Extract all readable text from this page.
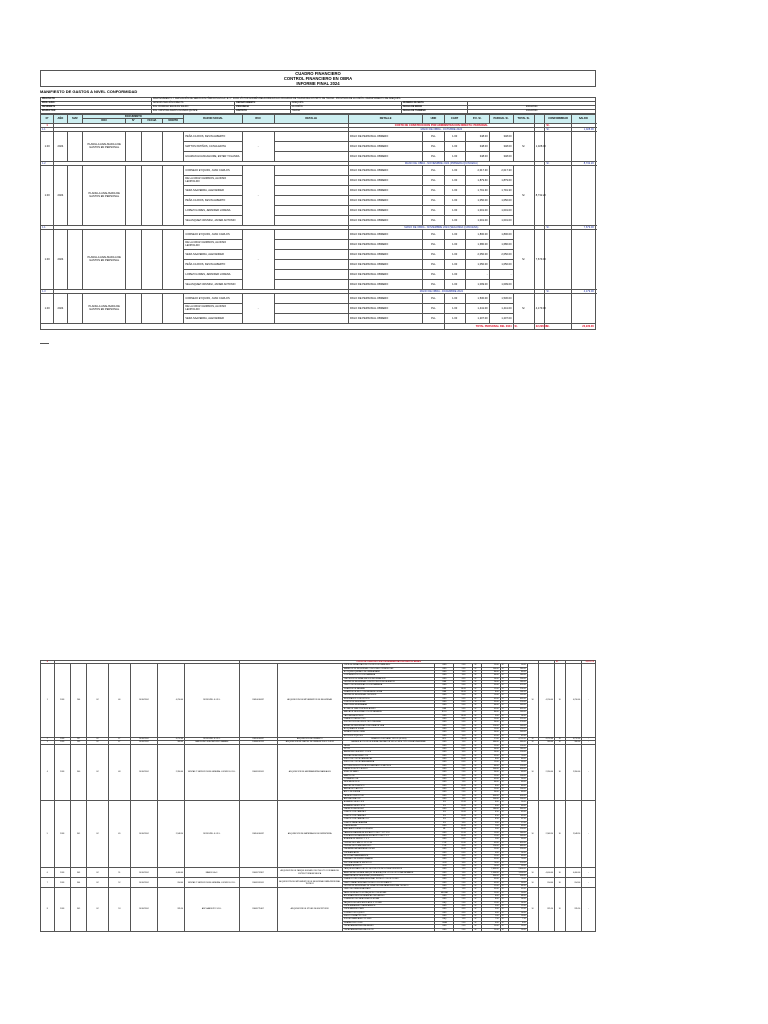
CUADRO FINANCIERO
CONTROL FINANCIERO EN OBRA
INFORME FINAL 2024
MANIFIESTO DE GASTOS A NIVEL CONFORMIDAD
PROYECTO	MANTENIMIENTO Y AMPLIACIÓN DE SERVICIOS HÍDRICOS EN LA I.E. N° 40300 VÍCTOR ANDRÉS BELAUNDE EN LA LOCALIDAD DE TAURIA DEL DISTRITO DE TAURIA - PROVINCIA DE LA UNIÓN - DEPARTAMENTO DE AREQUIPA				
MOD. EJEC.	ADMINISTRACIÓN DIRECTA	DEPARTAMENTO	AREQUIPA	NUMERO DE META	
RESIDENTE	ING. RODRIGO EGUILAS SALDO	PROVINCIA	LA UNIÓN	FECHA DE INICIO	28/10/2024
INSPECTOR	ING. CRISTIAN ALEXIS OLIVERA QUISPE	DISTRITO	TAURIA	FECHA DE TERMINO	10/12/2024
N°	AÑO	SIAF	DOCUMENTO				RAZON SOCIAL	RUC	DETALLE	DETALLE	UND	CANT	P.U. S/.	PARCIAL S/.	TOTAL S/.		CONFORMIDAD	SALDO	
			DOC	N°	FECHA	MONTO													
1										COSTO DE CONSTRUCCION POR ADMINISTRACION DIRECTA: PERSONAL							S/.		
1.1										MANO DE OBRA - OCTUBRE 2024							S/.	1,028.00	
1.00	2024		PLANILLA ANALISADA A DE GASTOS EN PERSONAL				PEÑA CA RIOS, KEVIN ALBERTO	-		PAGO DE PERSONAL OBRERO	PLL	1.00	348.00	348.00	S/.	1,028.00			
							MATTOS PATIÑOS, CATHA EDITH			PAGO DE PERSONAL OBRERO	PLL	1.00	348.00	348.00					
							HUAMAN HUANCAHUIRE, ESTER YOLANDA			PAGO DE PERSONAL OBRERO	PLL	1.00	348.00	348.00					
1.2										MANO DE OBRA - NOVIEMBRE 2024 (PRIMERA QUINCENA)							S/.	8,732.20	
1.00	2024		PLANILLA ANALISADA DE GASTOS EN PERSONAL				CORNEJO EYQUIPA, JUAN CARLOS	-		PAGO DE PERSONAL OBRERO	PLL	1.00	2,017.30	2,017.30	S/.	8,732.20			
							DE LA CRUZ CHIRINOS, ALONSO LEOPOLDO			PAGO DE PERSONAL OBRERO	PLL	1.00	1,879.60	1,879.60					
							VERA SAAVEDRA, ALEXANDER			PAGO DE PERSONAL OBRERO	PLL	1.00	1,791.30	1,791.30					
							PEÑA CA RIOS, KEVIN ALBERTO			PAGO DE PERSONAL OBRERO	PLL	1.00	1,050.00	1,050.00					
							LOPEZ FLORES, JENNIFER LORENA			PAGO DE PERSONAL OBRERO	PLL	1.00	1,001.00	1,001.00					
							VELASQUEZ CRUMIGI, JAVIER ANTONIO			PAGO DE PERSONAL OBRERO	PLL	1.00	1,001.00	1,001.00					
1.1										MANO DE OBRA - NOVIEMBRE 2024 (SEGUNDA QUINCENA)							S/.	7,679.00	
1.00	2024		PLANILLA ANALISADA A DE GASTOS EN PERSONAL				CORNEJO EYQUIPA, JUAN CARLOS	-		PAGO DE PERSONAL OBRERO	PLL	1.00	1,800.00	1,800.00	S/.	7,679.00			
							DE LA CRUZ CHIRINOS, ALONSO LEOPOLDO			PAGO DE PERSONAL OBRERO	PLL	1.00	1,680.00	1,680.00					
							VERA SAAVEDRA, ALEXANDER			PAGO DE PERSONAL OBRERO	PLL	1.00	2,050.00	2,050.00					
							PEÑA CA RIOS, KEVIN ALBERTO			PAGO DE PERSONAL OBRERO	PLL	1.00	1,050.00	1,050.00					
							LOPEZ FLORES, JENNIFER LORENA			PAGO DE PERSONAL OBRERO	PLL	1.00	-	-					
							VELASQUEZ CRUMIGI, JAVIER ANTONIO			PAGO DE PERSONAL OBRERO	PLL	1.00	1,099.00	1,099.00					
1.3										MANO DE OBRA - DICIEMBRE 2024							S/.	4,179.00	
1.00	2024		PLANILLA ANALISADA DE GASTOS EN PERSONAL				CORNEJO EYQUIPA, JUAN CARLOS	-		PAGO DE PERSONAL OBRERO	PLL	1.00	1,530.00	1,530.00	S/.	4,179.00			
							DE LA CRUZ CHIRINOS, ALONSO LEOPOLDO			PAGO DE PERSONAL OBRERO	PLL	1.00	1,441.00	1,441.00					
							VERA SAAVEDRA, ALEXANDER			PAGO DE PERSONAL OBRERO	PLL	1.00	1,207.00	1,207.00					
												TOTAL PERSONAL DEL 2024			S/.	22,220.00	S/.	22,220.00	
4								COSTO DE CONSTRUCCION POR ADMINISTRACION DIRECTA: BIENES											S/.		21,170.70
1	2024	266	OC	46	16/10/2024	4,700.00	RODR WILL E.I.R.L.	20610010087	ADQUISICION DE IMPLEMENTOS DE SEGURIDAD	CINTA DE SEÑALIZACION COLOR ROJO PARA SEG.	UND	2.00	S/.	25.00	S/.	50.00	S/.	4,700.00	S/.	4,700.00	-
										MAMELUK DE SEGURIDAD CON DOBLE CINTA DE REF.	UND	2.00	S/.	140.00	S/.	280.00					
										BOTIQUIN EQUIPADO DE OBRA A MANO	UND	1.00	S/.	80.00	S/.	80.00					
										CORTAVIENTOS COLOR NARANJA	UND	3.00	S/.	60.00	S/.	180.00					
										CARTELES DE SEÑALIZACION INFORMACION	UND	4.00	S/.	50.00	S/.	200.00					
										LENTES DE SEGURIDAD CON PROTECCION DE ALERTO	PAR	9.00	S/.	20.00	S/.	180.00					
										CASCO DE SEGURIDAD COLOR NARANJA	UND	9.00	S/.	35.00	S/.	315.00					
										GUANTES DE BADANA	PAR	18.00	S/.	12.00	S/.	216.00					
										GUANTES DE NILO CON PALMA DE GOMA	PAR	18.00	S/.	8.00	S/.	144.00					
										LENTES DE SEGURIDAD OSCUROS	UND	9.00	S/.	15.00	S/.	135.00					
										RESPIRADOR CON FILTROS	UND	9.00	S/.	45.00	S/.	405.00					
										CONOS DE SEGURIDAD	UND	6.00	S/.	35.00	S/.	210.00					
										UNIFORME IMUBIRAIANA	UND	9.00	S/.	60.00	S/.	540.00					
										BOTAS DE JEBE PUNTA DE ACERO	PAR	9.00	S/.	45.00	S/.	405.00					
										MALLA DE SEGURIDAD COLOR NARANJA	ROLL	2.00	S/.	80.00	S/.	160.00					
										TAPONES AUDITIVOS	UND	18.00	S/.	3.00	S/.	54.00					
										CHALECO REFLECTIVO	UND	9.00	S/.	25.00	S/.	225.00					
										PROTECCION DE OIDOS TIPO OREJERA	UND	9.00	S/.	30.00	S/.	270.00					
										ARNES DE SEGURIDAD CON LINEA DE VIDA	UND	2.00	S/.	120.00	S/.	240.00					
										BLOQUEADOR SOLAR	UND	6.00	S/.	25.00	S/.	150.00					
										SEÑALETICA DE OBRA	UND	8.00	S/.	30.00	S/.	240.00					
										EXTINTOR PQS 6 KG	UND	1.00	S/.	41.00	S/.	41.00					
2	2024	297	OC	47	16/10/2024	4,752.00	RODR WILL E.I.R.L.	20610010087	ADQUISICIÓN DE CEMENTO	CEMENTO PORTLAND TIPO IP (42.5KG)	BOL	176.00	S/.	27.00	S/.	4,752.00	S/.	4,752.00	S/.	4,752.00	-
3	2024	299	OC	47	16/10/2024	380.00	BARCELINO ELA CAPURRO MAMANI	10806016193	ADQUISICIÓN DE CARTEL DE OBRA DE 3.60 X 2.40 M	BANNER A COLOR DE BUENA CALIDAD DE 3.60 x 2.40 M. TIPO CIGUATUNESPATAL	UND	1.00	S/.	380.00	S/.	380.00	S/.	380.00	S/.	380.00	-
4	2024	300	OC	48	16/10/2024	2,390.00	VENTAS Y SERVICIOS EN GENERAL LUCERO E.I.R.L.	20609120561	ADQUISICIÓN DE HERRAMIENTAS MANUALES	PALAS	UND	6.00	S/.	25.00	S/.	150.00	S/.	2,390.00	S/.	2,390.00	-
										PICOS	UND	6.00	S/.	30.00	S/.	180.00					
										BARRETAS DE ACERO 1 1/4 M	UND	3.00	S/.	50.00	S/.	150.00					
										REGLAS DE ALUMINIO 2 M	UND	2.00	S/.	35.00	S/.	70.00					
										DISCO DE CORTE PARA METAL	UND	10.00	S/.	8.00	S/.	80.00					
										DISCO DE CORTE PARA MADERA	UND	6.00	S/.	15.00	S/.	90.00					
										EXTENSION ELECTRICA VULCANIZADO 20 METROS	UND	2.00	S/.	60.00	S/.	120.00					
										CARRETILLA TIPO BUGGY	UND	2.00	S/.	200.00	S/.	400.00					
										NIVEL DE MANO	UND	2.00	S/.	30.00	S/.	60.00					
										MARTILLOS	UND	4.00	S/.	25.00	S/.	100.00					
										COMBA DE 4 LB	UND	2.00	S/.	45.00	S/.	90.00					
										WINCHA DE 30 M	UND	1.00	S/.	60.00	S/.	60.00					
										BALDES DE PLASTICO	UND	10.00	S/.	8.00	S/.	80.00					
										BATEA DE PLASTICO	UND	4.00	S/.	25.00	S/.	100.00					
										ARCO DE SIERRA	UND	2.00	S/.	30.00	S/.	60.00					
										TALADRO PERCUTOR	UND	1.00	S/.	400.00	S/.	400.00					
										AMOLADORA 4 1/2	UND	1.00	S/.	200.00	S/.	200.00					
5	2024	301	OC	49	16/10/2024	2,948.50	RODR WILL E.I.R.L.	20610010087	ADQUISICIÓN DE MATERIALES DE FERRETERIA	ALAMBRE NEGRO N°8	KG	15.00	S/.	6.00	S/.	90.00	S/.	2,948.50	S/.	2,948.50	-
										ALAMBRE NEGRO N°16	KG	10.00	S/.	6.00	S/.	60.00					
										CARRETILLAS BUGGY	UND	2.00	S/.	180.00	S/.	360.00					
										CLAVOS CON CABEZA 3"	KG	10.00	S/.	6.50	S/.	65.00					
										CLAVOS CON CABEZA 4"	KG	10.00	S/.	6.50	S/.	65.00					
										CLAVOS CON CABEZA 2 1/2"	KG	5.00	S/.	6.50	S/.	32.50					
										CLAVOS PARA CALAMINA	KG	3.00	S/.	9.00	S/.	27.00					
										LIJA DE AGUA	UND	20.00	S/.	2.00	S/.	40.00					
										MALLA ARPILLERA COLOR AZUL	ML	50.00	S/.	3.00	S/.	150.00					
										TABLA DE MADERA DE EUCALIPTO DE 1" X 8" X 10	UND	12.00	S/.	15.00	S/.	180.00					
										PUNTALES DE MADERA DE EUCALIPTO DE 3" X 3"	UND	20.00	S/.	12.00	S/.	240.00					
										BISAGRA DE FIERRO 3" X 3"	UND	6.00	S/.	5.00	S/.	30.00					
										TRIPLAY DE 4 MM X 1.22 X 2.44	PLN	11.00	S/.	45.00	S/.	495.00					
										TRIPLAY DE 18 MM FENOLICO	PLN	4.00	S/.	120.00	S/.	480.00					
										CALAMINA GALVANIZADA 0.14 MM	UND	10.00	S/.	25.00	S/.	250.00					
										CINTA AISLANTE	UND	6.00	S/.	4.00	S/.	24.00					
										SILICONA TRANSPARENTE	UND	4.00	S/.	15.00	S/.	60.00					
										CANDADO DE FIERRO GRANDE	UND	2.00	S/.	35.00	S/.	70.00					
										PINTURA ESMALTE SINTETICO	GLN	3.00	S/.	70.00	S/.	210.00					
										THINNER ACRILICO	GLN	2.00	S/.	10.00	S/.	20.00					
6	2024	303	OC	51	16/10/2024	4,400.00	MAM B.S.A.C.	20609712807	ADQUISICIÓN DE TANQUE ELEVADO DE 2500 LTS CON BASE DE ESTRUCTURA METÁLICA	TANQUE ELEVADO DE PVC DE 2500 LTS INCLUYE ACCESORIOS	UND	1.00	S/.	2,600.00	S/.	2,600.00	S/.	4,400.00	S/.	4,400.00	-
										BASE METALICA PARA TANQUE DE AGUA (PRE LITROS OPCIONAL ARMABLE	UND	1.00	S/.	1,500.00	S/.	1,500.00					
										CAMIONETA DE SEGURIDAD (SUGIRIENDO)	UND	1.00	S/.	300.00	S/.	300.00					
7	2024	304	OC	52	16/10/2024	204.00	VENTAS Y SERVICIOS EN GENERAL LUCERO E.I.R.L.	20609120561	ADQUISICIÓN DE IMPLEMENTOS DE SEGURIDAD PARA PERSONAL TECNICO	CHALECO DRILL PARA PERSONAL TECNICO COLOR PLOMO	UND	2.00	S/.	35.00	S/.	70.00	S/.	204.00	S/.	204.00	-
										CASCO PARA PERSONAL TECNICO COLOR BLANCO	UND	2.00	S/.	45.00	S/.	90.00					
										LENTES DE SEGURIDAD DE LUNA OSCURA PARA PERSONAL TECNICO	UND	2.00	S/.	22.00	S/.	44.00					
8	2024	305	OC	53	16/10/2024	335.50	ADP HAESUITO S.R.L.	20609775407	ADQUISICIÓN DE ÚTILES DE ESCRITORIO	LIBRO DE OBRA LEGALIZADO	UND	1.00	S/.	35.00	S/.	35.00	S/.	335.50	S/.	335.50	-
										PAPEL BOND A4 75 GR PAQUETE X 500 HOJAS	MILLAR	2.00	S/.	25.00	S/.	50.00					
										ARCHIVADORES DE PALANCA LOMO ANCHO	UND	6.00	S/.	8.00	S/.	48.00					
										CUADERNO DE TAPA DURA 100 HOJAS	UND	2.00	S/.	8.00	S/.	16.00					
										PAQUETE DE LAPICEROS AZUL X 12 UNID	PAQ	2.00	S/.	12.00	S/.	24.00					
										CINTA EMBALAJE TRANSPARENTE	UND	4.00	S/.	3.00	S/.	12.00					
										CINTA MASKING TAPE	UND	4.00	S/.	3.00	S/.	12.00					
										CORRECTOR LIQUIDO	UND	4.00	S/.	4.00	S/.	16.00					
										DISCO COMPACTO CD-R	UND	5.00	S/.	2.00	S/.	10.00					
										FOLDER MANILA A4 X 25 UNID	PAQ	1.00	S/.	7.50	S/.	7.50					
										GRAPAS 26/6 X 5000	CAJA	2.00	S/.	4.00	S/.	8.00					
										TINTA PARA IMPRESORA NEGRO	UND	2.00	S/.	25.00	S/.	50.00					
										TINTA PARA IMPRESORA COLOR	UND	2.00	S/.	25.00	S/.	50.00					
